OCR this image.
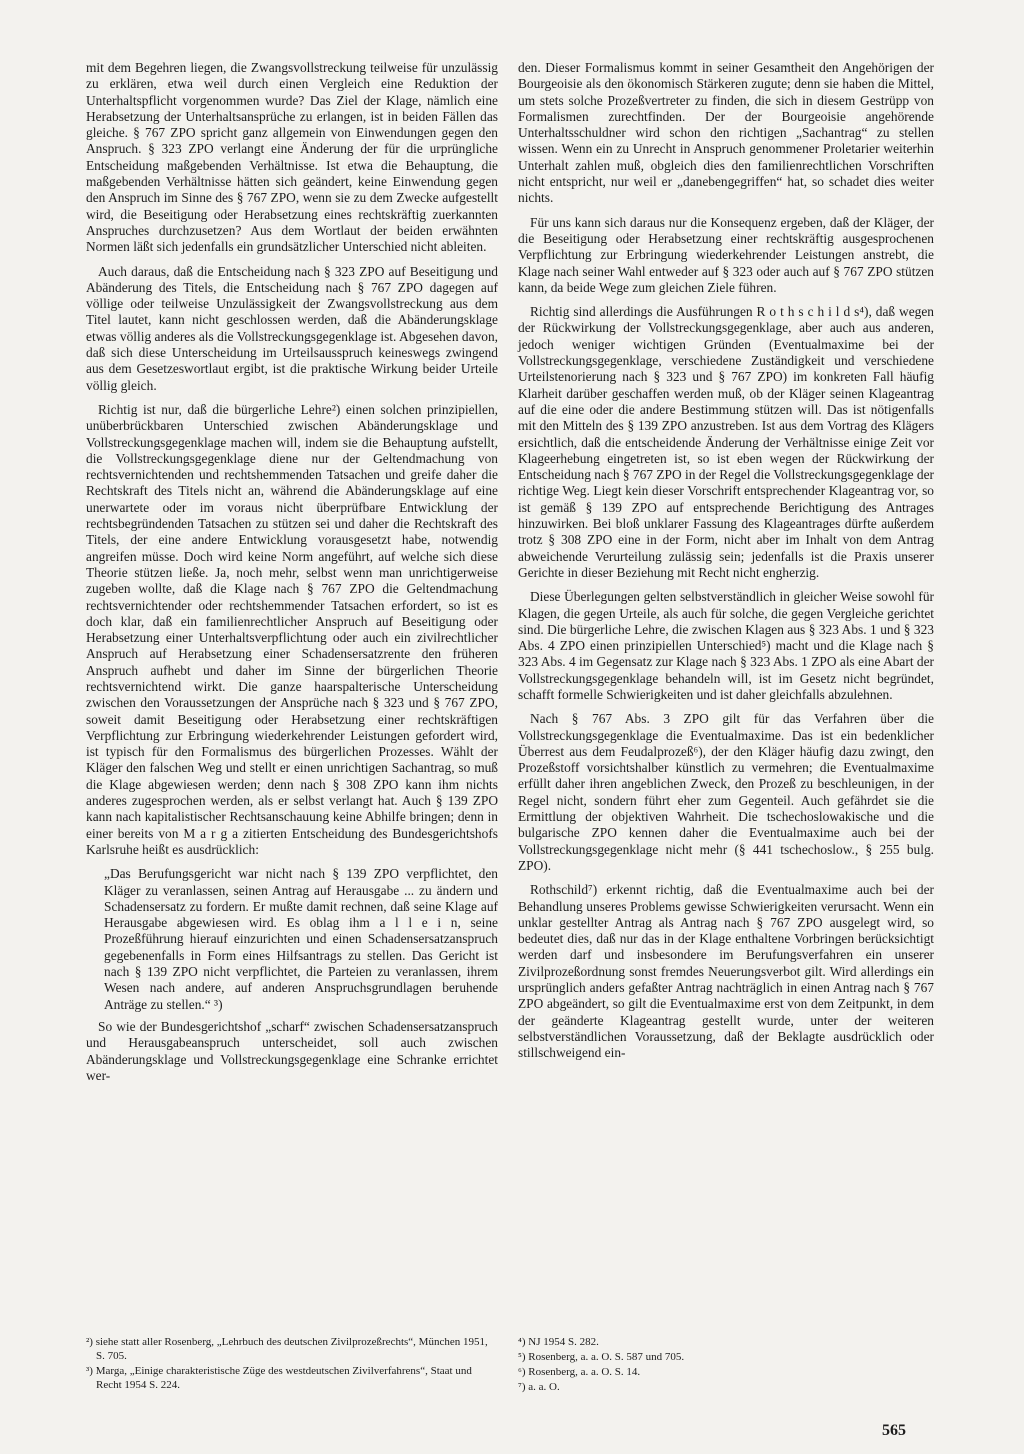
mit dem Begehren liegen, die Zwangsvollstreckung teilweise für unzulässig zu erklären, etwa weil durch einen Vergleich eine Reduktion der Unterhaltspflicht vorgenommen wurde? Das Ziel der Klage, nämlich eine Herabsetzung der Unterhaltsansprüche zu erlangen, ist in beiden Fällen das gleiche. § 767 ZPO spricht ganz allgemein von Einwendungen gegen den Anspruch. § 323 ZPO verlangt eine Änderung der für die urprüngliche Entscheidung maßgebenden Verhältnisse. Ist etwa die Behauptung, die maßgebenden Verhältnisse hätten sich geändert, keine Einwendung gegen den Anspruch im Sinne des § 767 ZPO, wenn sie zu dem Zwecke aufgestellt wird, die Beseitigung oder Herabsetzung eines rechtskräftig zuerkannten Anspruches durchzusetzen? Aus dem Wortlaut der beiden erwähnten Normen läßt sich jedenfalls ein grundsätzlicher Unterschied nicht ableiten.

Auch daraus, daß die Entscheidung nach § 323 ZPO auf Beseitigung und Abänderung des Titels, die Entscheidung nach § 767 ZPO dagegen auf völlige oder teilweise Unzulässigkeit der Zwangsvollstreckung aus dem Titel lautet, kann nicht geschlossen werden, daß die Abänderungsklage etwas völlig anderes als die Vollstreckungsgegenklage ist. Abgesehen davon, daß sich diese Unterscheidung im Urteilsausspruch keineswegs zwingend aus dem Gesetzeswortlaut ergibt, ist die praktische Wirkung beider Urteile völlig gleich.

Richtig ist nur, daß die bürgerliche Lehre²) einen solchen prinzipiellen, unüberbrückbaren Unterschied zwischen Abänderungsklage und Vollstreckungsgegenklage machen will, indem sie die Behauptung aufstellt, die Vollstreckungsgegenklage diene nur der Geltendmachung von rechtsvernichtenden und rechtshemmenden Tatsachen und greife daher die Rechtskraft des Titels nicht an, während die Abänderungsklage auf eine unerwartete oder im voraus nicht überprüfbare Entwicklung der rechtsbegründenden Tatsachen zu stützen sei und daher die Rechtskraft des Titels, der eine andere Entwicklung vorausgesetzt habe, notwendig angreifen müsse. Doch wird keine Norm angeführt, auf welche sich diese Theorie stützen ließe. Ja, noch mehr, selbst wenn man unrichtigerweise zugeben wollte, daß die Klage nach § 767 ZPO die Geltendmachung rechtsvernichtender oder rechtshemmender Tatsachen erfordert, so ist es doch klar, daß ein familienrechtlicher Anspruch auf Beseitigung oder Herabsetzung einer Unterhaltsverpflichtung oder auch ein zivilrechtlicher Anspruch auf Herabsetzung einer Schadensersatzrente den früheren Anspruch aufhebt und daher im Sinne der bürgerlichen Theorie rechtsvernichtend wirkt. Die ganze haarspalterische Unterscheidung zwischen den Voraussetzungen der Ansprüche nach § 323 und § 767 ZPO, soweit damit Beseitigung oder Herabsetzung einer rechtskräftigen Verpflichtung zur Erbringung wiederkehrender Leistungen gefordert wird, ist typisch für den Formalismus des bürgerlichen Prozesses. Wählt der Kläger den falschen Weg und stellt er einen unrichtigen Sachantrag, so muß die Klage abgewiesen werden; denn nach § 308 ZPO kann ihm nichts anderes zugesprochen werden, als er selbst verlangt hat. Auch § 139 ZPO kann nach kapitalistischer Rechtsanschauung keine Abhilfe bringen; denn in einer bereits von M a r g a zitierten Entscheidung des Bundesgerichtshofs Karlsruhe heißt es ausdrücklich:

„Das Berufungsgericht war nicht nach § 139 ZPO verpflichtet, den Kläger zu veranlassen, seinen Antrag auf Herausgabe ... zu ändern und Schadensersatz zu fordern. Er mußte damit rechnen, daß seine Klage auf Herausgabe abgewiesen wird. Es oblag ihm a l l e i n, seine Prozeßführung hierauf einzurichten und einen Schadensersatzanspruch gegebenenfalls in Form eines Hilfsantrags zu stellen. Das Gericht ist nach § 139 ZPO nicht verpflichtet, die Parteien zu veranlassen, ihrem Wesen nach andere, auf anderen Anspruchsgrundlagen beruhende Anträge zu stellen.“ ³)

So wie der Bundesgerichtshof „scharf“ zwischen Schadensersatzanspruch und Herausgabeanspruch unterscheidet, soll auch zwischen Abänderungsklage und Vollstreckungsgegenklage eine Schranke errichtet wer-

den. Dieser Formalismus kommt in seiner Gesamtheit den Angehörigen der Bourgeoisie als den ökonomisch Stärkeren zugute; denn sie haben die Mittel, um stets solche Prozeßvertreter zu finden, die sich in diesem Gestrüpp von Formalismen zurechtfinden. Der der Bourgeoisie angehörende Unterhaltsschuldner wird schon den richtigen „Sachantrag“ zu stellen wissen. Wenn ein zu Unrecht in Anspruch genommener Proletarier weiterhin Unterhalt zahlen muß, obgleich dies den familienrechtlichen Vorschriften nicht entspricht, nur weil er „danebengegriffen“ hat, so schadet dies weiter nichts.

Für uns kann sich daraus nur die Konsequenz ergeben, daß der Kläger, der die Beseitigung oder Herabsetzung einer rechtskräftig ausgesprochenen Verpflichtung zur Erbringung wiederkehrender Leistungen anstrebt, die Klage nach seiner Wahl entweder auf § 323 oder auch auf § 767 ZPO stützen kann, da beide Wege zum gleichen Ziele führen.

Richtig sind allerdings die Ausführungen R o t h s c h i l d s⁴), daß wegen der Rückwirkung der Vollstreckungsgegenklage, aber auch aus anderen, jedoch weniger wichtigen Gründen (Eventualmaxime bei der Vollstreckungsgegenklage, verschiedene Zuständigkeit und verschiedene Urteilstenorierung nach § 323 und § 767 ZPO) im konkreten Fall häufig Klarheit darüber geschaffen werden muß, ob der Kläger seinen Klageantrag auf die eine oder die andere Bestimmung stützen will. Das ist nötigenfalls mit den Mitteln des § 139 ZPO anzustreben. Ist aus dem Vortrag des Klägers ersichtlich, daß die entscheidende Änderung der Verhältnisse einige Zeit vor Klageerhebung eingetreten ist, so ist eben wegen der Rückwirkung der Entscheidung nach § 767 ZPO in der Regel die Vollstreckungsgegenklage der richtige Weg. Liegt kein dieser Vorschrift entsprechender Klageantrag vor, so ist gemäß § 139 ZPO auf entsprechende Berichtigung des Antrages hinzuwirken. Bei bloß unklarer Fassung des Klageantrages dürfte außerdem trotz § 308 ZPO eine in der Form, nicht aber im Inhalt von dem Antrag abweichende Verurteilung zulässig sein; jedenfalls ist die Praxis unserer Gerichte in dieser Beziehung mit Recht nicht engherzig.

Diese Überlegungen gelten selbstverständlich in gleicher Weise sowohl für Klagen, die gegen Urteile, als auch für solche, die gegen Vergleiche gerichtet sind. Die bürgerliche Lehre, die zwischen Klagen aus § 323 Abs. 1 und § 323 Abs. 4 ZPO einen prinzipiellen Unterschied⁵) macht und die Klage nach § 323 Abs. 4 im Gegensatz zur Klage nach § 323 Abs. 1 ZPO als eine Abart der Vollstreckungsgegenklage behandeln will, ist im Gesetz nicht begründet, schafft formelle Schwierigkeiten und ist daher gleichfalls abzulehnen.

Nach § 767 Abs. 3 ZPO gilt für das Verfahren über die Vollstreckungsgegenklage die Eventualmaxime. Das ist ein bedenklicher Überrest aus dem Feudalprozeß⁶), der den Kläger häufig dazu zwingt, den Prozeßstoff vorsichtshalber künstlich zu vermehren; die Eventualmaxime erfüllt daher ihren angeblichen Zweck, den Prozeß zu beschleunigen, in der Regel nicht, sondern führt eher zum Gegenteil. Auch gefährdet sie die Ermittlung der objektiven Wahrheit. Die tschechoslowakische und die bulgarische ZPO kennen daher die Eventualmaxime auch bei der Vollstreckungsgegenklage nicht mehr (§ 441 tschechoslow., § 255 bulg. ZPO).

Rothschild⁷) erkennt richtig, daß die Eventualmaxime auch bei der Behandlung unseres Problems gewisse Schwierigkeiten verursacht. Wenn ein unklar gestellter Antrag als Antrag nach § 767 ZPO ausgelegt wird, so bedeutet dies, daß nur das in der Klage enthaltene Vorbringen berücksichtigt werden darf und insbesondere im Berufungsverfahren ein unserer Zivilprozeßordnung sonst fremdes Neuerungsverbot gilt. Wird allerdings ein ursprünglich anders gefaßter Antrag nachträglich in einen Antrag nach § 767 ZPO abgeändert, so gilt die Eventualmaxime erst von dem Zeitpunkt, in dem der geänderte Klageantrag gestellt wurde, unter der weiteren selbstverständlichen Voraussetzung, daß der Beklagte ausdrücklich oder stillschweigend ein-

²) siehe statt aller Rosenberg, „Lehrbuch des deutschen Zivilprozeßrechts“, München 1951, S. 705.
³) Marga, „Einige charakteristische Züge des westdeutschen Zivilverfahrens“, Staat und Recht 1954 S. 224.
⁴) NJ 1954 S. 282.
⁵) Rosenberg, a. a. O. S. 587 und 705.
⁶) Rosenberg, a. a. O. S. 14.
⁷) a. a. O.
565
